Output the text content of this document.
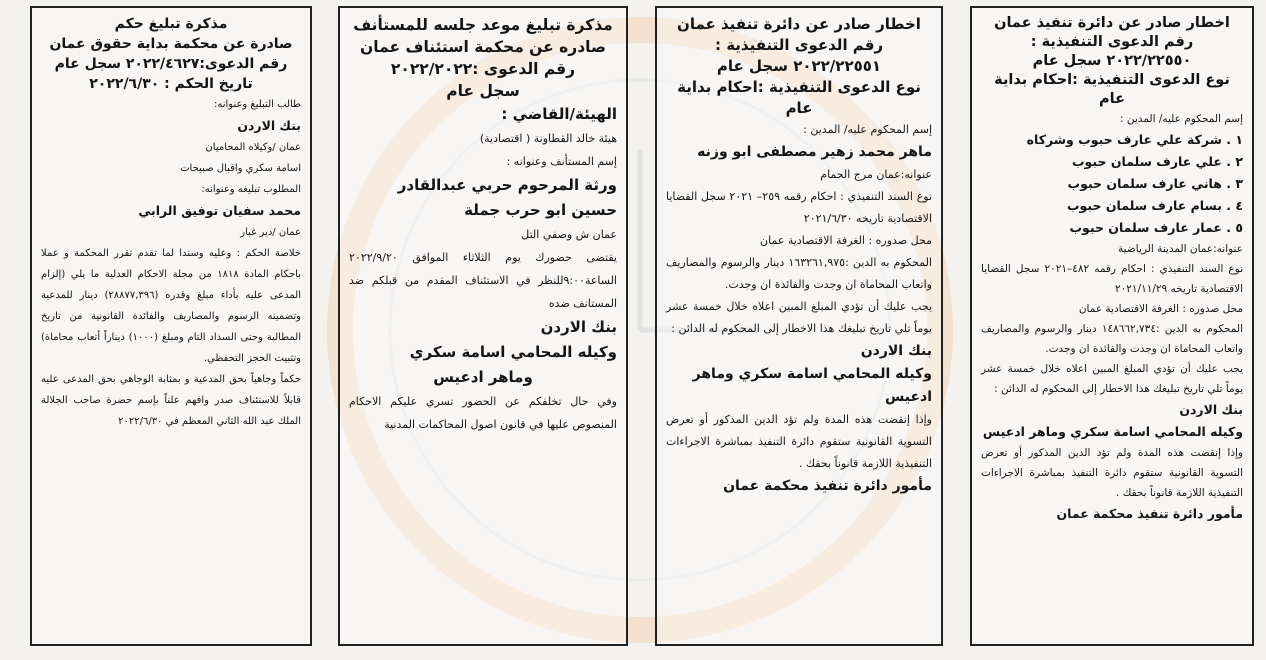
اخطار صادر عن دائرة تنفيذ عمان
رقم الدعوى التنفيذية :
٢٠٢٢/٢٢٥٥٠ سجل عام
نوع الدعوى التنفيذية :احكام بداية عام
إسم المحكوم عليه/ المدين :
١ . شركة علي عارف حبوب وشركاه
٢ . علي عارف سلمان حبوب
٣ . هاني عارف سلمان حبوب
٤ . بسام عارف سلمان حبوب
٥ . عمار عارف سلمان حبوب
عنوانه:عمان المدينة الرياضية
نوع السند التنفيذي : احكام رقمه ٤٨٢–٢٠٢١ سجل القضايا الاقتصادية تاريخه ٢٠٢١/١١/٢٩
محل صدوره : الغرفة الاقتصادية عمان
المحكوم به الدين :١٤٨٦٦٢,٧٣٤ دينار والرسوم والمصاريف واتعاب المحاماة ان وجدت والفائدة ان وجدت.
يجب عليك أن تؤدي المبلغ المبين اعلاه خلال خمسة عشر يوماً تلي تاريخ تبليغك هذا الاخطار إلى المحكوم له الدائن :
بنك الاردن
وكيله المحامي اسامة سكري وماهر ادعيس
وإذا إنقضت هذه المدة ولم تؤد الدين المذكور أو تعرض التسوية القانونية ستقوم دائرة التنفيذ بمباشرة الاجراءات التنفيذية اللازمة قانوناً بحقك .
مأمور دائرة تنفيذ محكمة عمان
اخطار صادر عن دائرة تنفيذ عمان
رقم الدعوى التنفيذية :
٢٠٢٢/٢٢٥٥١ سجل عام
نوع الدعوى التنفيذية :احكام بداية عام
إسم المحكوم عليه/ المدين :
ماهر محمد زهير مصطفى ابو وزنه
عنوانه:عمان مرج الحمام
نوع السند التنفيذي : احكام رقمه ٢٥٩– ٢٠٢١ سجل القضايا الاقتصادية تاريخه ٢٠٢١/٦/٣٠
محل صدوره : الغرفة الاقتصادية عمان
المحكوم به الدين :١٦٣٢٦١,٩٧٥ دينار والرسوم والمصاريف واتعاب المحاماة ان وجدت والفائدة ان وجدت.
يجب عليك أن تؤدي المبلغ المبين اعلاه خلال خمسة عشر يوماً تلي تاريخ تبليغك هذا الاخطار إلى المحكوم له الدائن :
بنك الاردن
وكيله المحامي اسامة سكري وماهر ادعيس
وإذا إنقضت هذه المدة ولم تؤد الدين المذكور أو تعرض التسوية القانونية ستقوم دائرة التنفيذ بمباشرة الاجراءات التنفيذية اللازمة قانوناً بحقك .
مأمور دائرة تنفيذ محكمة عمان
مذكرة تبليغ موعد جلسه للمستأنف
صادره عن محكمة استئناف عمان
رقم الدعوى :٢٠٢٢/٢٠٢٢
سجل عام
الهيئة/القاضي :
هيئة خالد القطاونة ( اقتصادية)
إسم المستأنف وعنوانه :
ورثة المرحوم حربي عبدالقادر حسين ابو حرب جملة
عمان ش وصفي التل
يقتضى حضورك يوم الثلاثاء الموافق ٢٠٢٢/٩/٢٠ الساعة٩:٠٠للنظر في الاستئناف المقدم من قبلكم ضد المستانف ضده
بنك الاردن
وكيله المحامي اسامة سكري
وماهر ادعيس
وفي حال تخلفكم عن الحضور تسري عليكم الاحكام المنصوص عليها في قانون اصول المحاكمات المدنية
مذكرة تبليغ حكم
صادرة عن محكمة بداية حقوق عمان
رقم الدعوى:٢٠٢٢/٤٦٢٧ سجل عام
تاريخ الحكم : ٢٠٢٢/٦/٣٠
طالب التبليغ وعنوانه:
بنك الاردن
عمان /وكيلاه المحاميان
اسامة سكري واقبال صبيحات
المطلوب تبليغه وعنوانه:
محمد سفيان توفيق الرابي
عمان /دير غبار
خلاصة الحكم : وعليه وسندا لما تقدم تقرر المحكمة و عملا باحكام المادة ١٨١٨ من مجلة الاحكام العدلية ما يلي (إلزام المدعى عليه بأداء مبلغ وقدره (٢٨٨٧٧,٣٩٦) دينار للمدعية وتضمينه الرسوم والمصاريف والفائدة القانونية من تاريخ المطالبة وحتى السداد التام ومبلغ (١٠٠٠) ديناراً أتعاب محاماة) وتثبيت الحجز التحفظي.
حكماً وجاهياً بحق المدعية و بمثابة الوجاهي بحق المدعى عليه قابلاً للاستئناف صدر وافهم علناً بإسم حضرة صاحب الجلالة الملك عبد الله الثاني المعظم في ٢٠٢٢/٦/٣٠
